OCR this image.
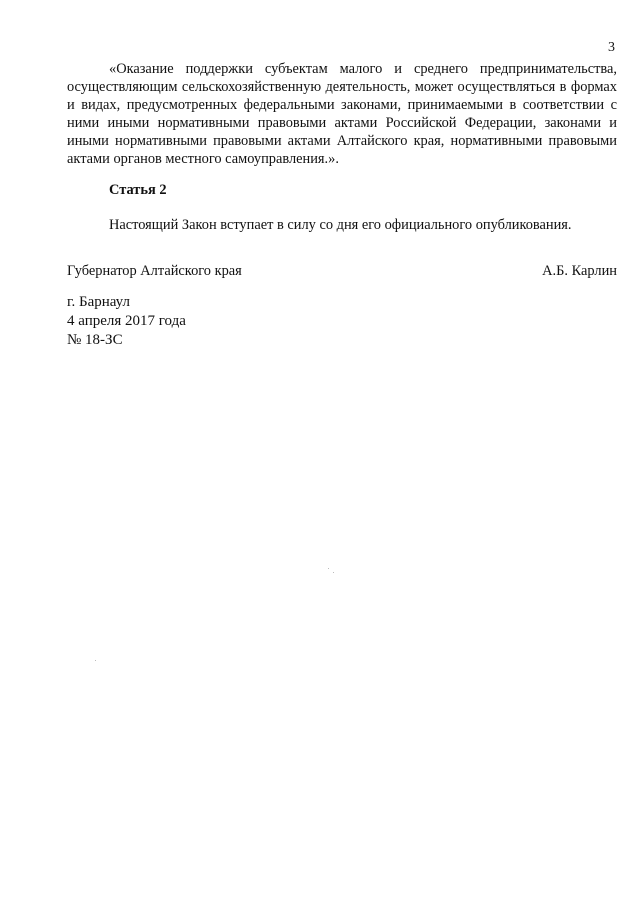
3
«Оказание поддержки субъектам малого и среднего предпринимательства, осуществляющим сельскохозяйственную деятельность, может осуществляться в формах и видах, предусмотренных федеральными законами, принимаемыми в соответствии с ними иными нормативными правовыми актами Российской Федерации, законами и иными нормативными правовыми актами Алтайского края, нормативными правовыми актами органов местного самоуправления.».
Статья 2
Настоящий Закон вступает в силу со дня его официального опубликования.
Губернатор Алтайского края	А.Б. Карлин
г. Барнаул
4 апреля 2017 года
№ 18-ЗС
